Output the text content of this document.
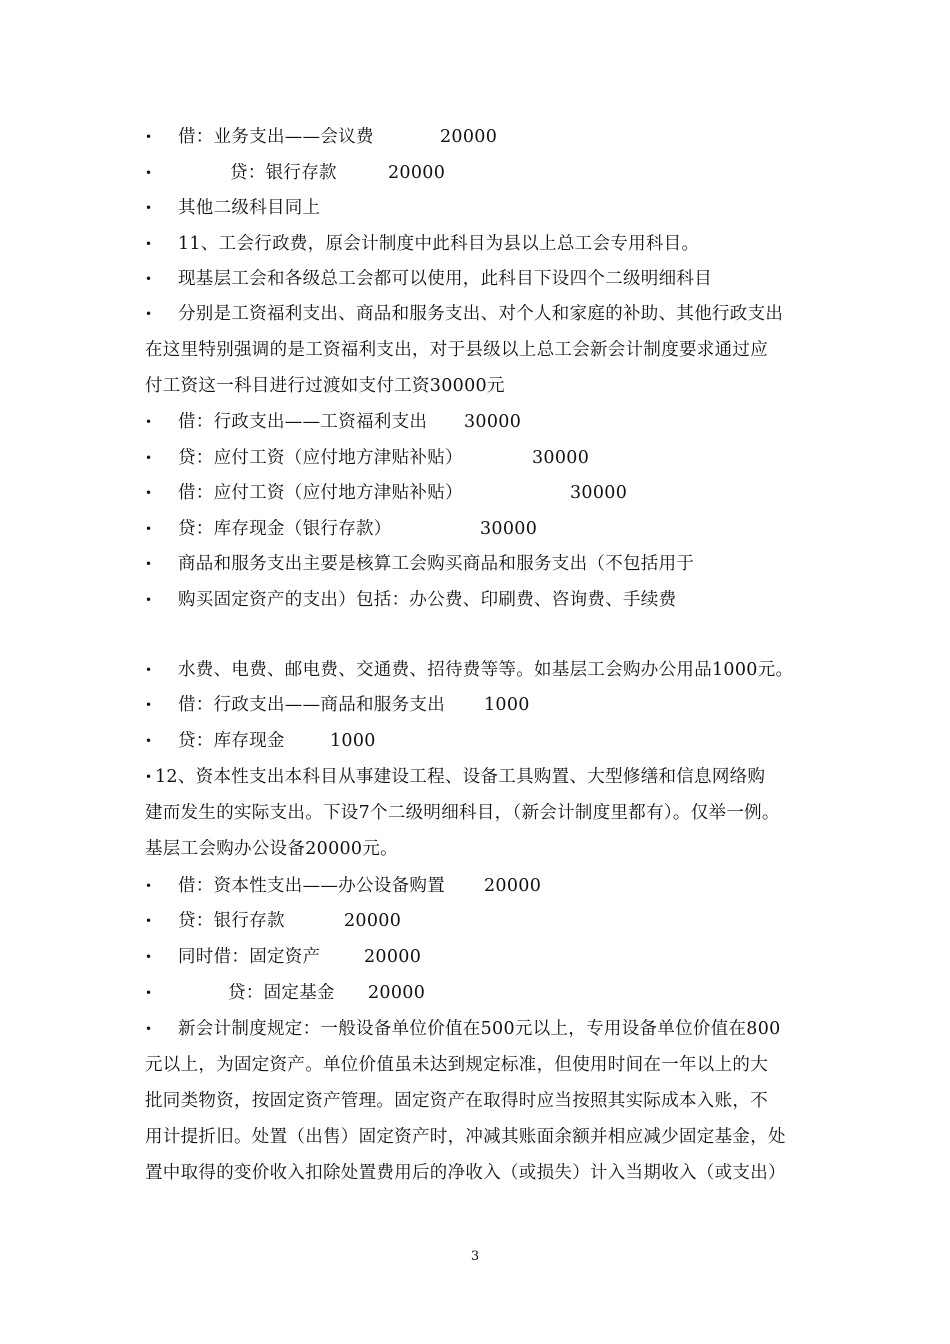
•

借：业务支出——会议费	20000

•

	贷：银行存款	20000

•

其他二级科目同上

•

11、工会行政费，原会计制度中此科目为县以上总工会专用科目。

•

现基层工会和各级总工会都可以使用，此科目下设四个二级明细科目

•

分别是工资福利支出、商品和服务支出、对个人和家庭的补助、其他行政支出

在这里特别强调的是工资福利支出，对于县级以上总工会新会计制度要求通过应

付工资这一科目进行过渡如支付工资30000元

•

借：行政支出——工资福利支出 30000

•

贷：应付工资（应付地方津贴补贴）	30000

•

借：应付工资（应付地方津贴补贴）	30000

•

贷：库存现金（银行存款）	30000

•

商品和服务支出主要是核算工会购买商品和服务支出（不包括用于

•

购买固定资产的支出）包括：办公费、印刷费、咨询费、手续费

•

水费、电费、邮电费、交通费、招待费等等。如基层工会购办公用品1000元。

•

借：行政支出——商品和服务支出 1000

•

贷：库存现金	1000

•

12、资本性支出本科目从事建设工程、设备工具购置、大型修缮和信息网络购

建而发生的实际支出。下设7个二级明细科目，（新会计制度里都有）。仅举一例。

基层工会购办公设备20000元。

•

借：资本性支出——办公设备购置 20000

•

贷：银行存款	20000

•

同时借：固定资产 20000

•

	贷：固定基金 20000

•

新会计制度规定：一般设备单位价值在500元以上，专用设备单位价值在800

元以上，为固定资产。单位价值虽未达到规定标准，但使用时间在一年以上的大

批同类物资，按固定资产管理。固定资产在取得时应当按照其实际成本入账，不

用计提折旧。处置（出售）固定资产时，冲减其账面余额并相应减少固定基金，处

置中取得的变价收入扣除处置费用后的净收入（或损失）计入当期收入（或支出）

3
